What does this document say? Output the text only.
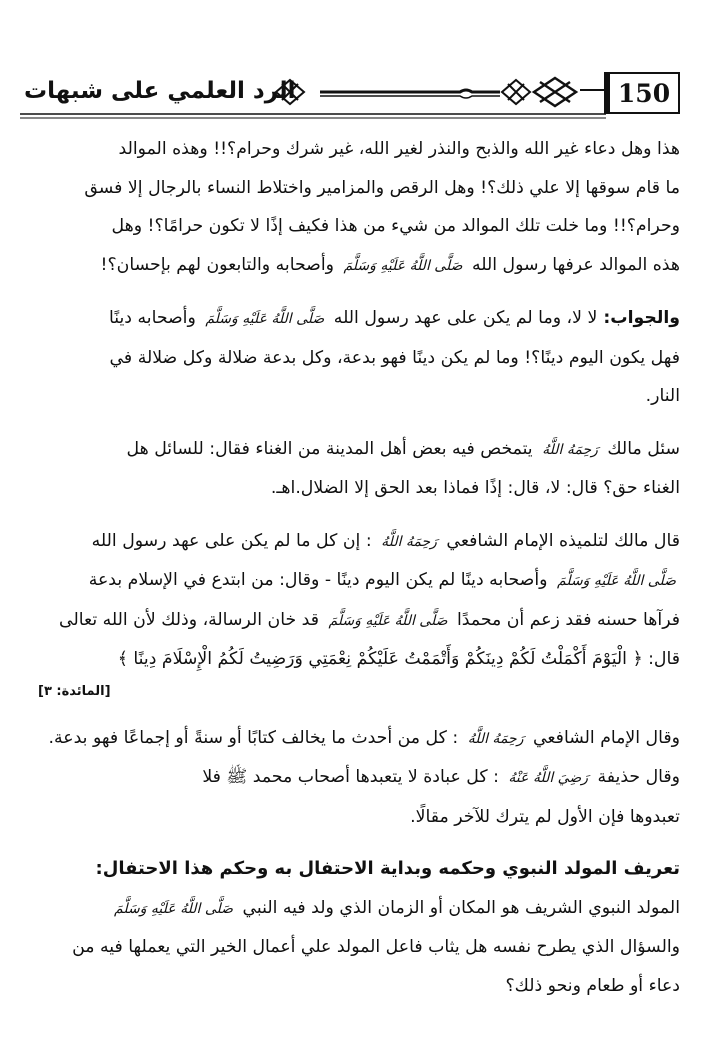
الرد العلمي على شبهات	150

هذا وهل دعاء غير الله والذبح والنذر لغير الله، غير شرك وحرام؟!! وهذه الموالد

ما قام سوقها إلا علي ذلك؟! وهل الرقص والمزامير واختلاط النساء بالرجال إلا فسق

وحرام؟!! وما خلت تلك الموالد من شيء من هذا فكيف إذًا لا تكون حرامًا؟! وهل

هذه الموالد عرفها رسول الله صَلَّى اللَّهُ عَلَيْهِ وَسَلَّمَ وأصحابه والتابعون لهم بإحسان؟!

والجواب: لا لا، وما لم يكن على عهد رسول الله صَلَّى اللَّهُ عَلَيْهِ وَسَلَّمَ وأصحابه دينًا

فهل يكون اليوم دينًا؟! وما لم يكن دينًا فهو بدعة، وكل بدعة ضلالة وكل ضلالة في

النار.

سئل مالك رَحِمَهُ اللَّهُ يتمخص فيه بعض أهل المدينة من الغناء فقال: للسائل هل

الغناء حق؟ قال: لا، قال: إذًا فماذا بعد الحق إلا الضلال.اهـ.

قال مالك لتلميذه الإمام الشافعي رَحِمَهُ اللَّهُ : إن كل ما لم يكن على عهد رسول الله

صَلَّى اللَّهُ عَلَيْهِ وَسَلَّمَ وأصحابه دينًا لم يكن اليوم دينًا - وقال: من ابتدع في الإسلام بدعة

فرآها حسنه فقد زعم أن محمدًا صَلَّى اللَّهُ عَلَيْهِ وَسَلَّمَ قد خان الرسالة، وذلك لأن الله تعالى

قال: ﴿ الْيَوْمَ أَكْمَلْتُ لَكُمْ دِينَكُمْ وَأَتْمَمْتُ عَلَيْكُمْ نِعْمَتِي وَرَضِيتُ لَكُمُ الْإِسْلَامَ دِينًا ﴾

[المائدة: ٣]

وقال الإمام الشافعي رَحِمَهُ اللَّهُ : كل من أحدث ما يخالف كتابًا أو سنةً أو إجماعًا فهو بدعة.

وقال حذيفة رَضِيَ اللَّهُ عَنْهُ : كل عبادة لا يتعبدها أصحاب محمد ﷺ فلا

تعبدوها فإن الأول لم يترك للآخر مقالًا.

تعريف المولد النبوي وحكمه وبداية الاحتفال به وحكم هذا الاحتفال:

المولد النبوي الشريف هو المكان أو الزمان الذي ولد فيه النبي صَلَّى اللَّهُ عَلَيْهِ وَسَلَّمَ

والسؤال الذي يطرح نفسه هل يثاب فاعل المولد علي أعمال الخير التي يعملها فيه من

دعاء أو طعام ونحو ذلك؟
